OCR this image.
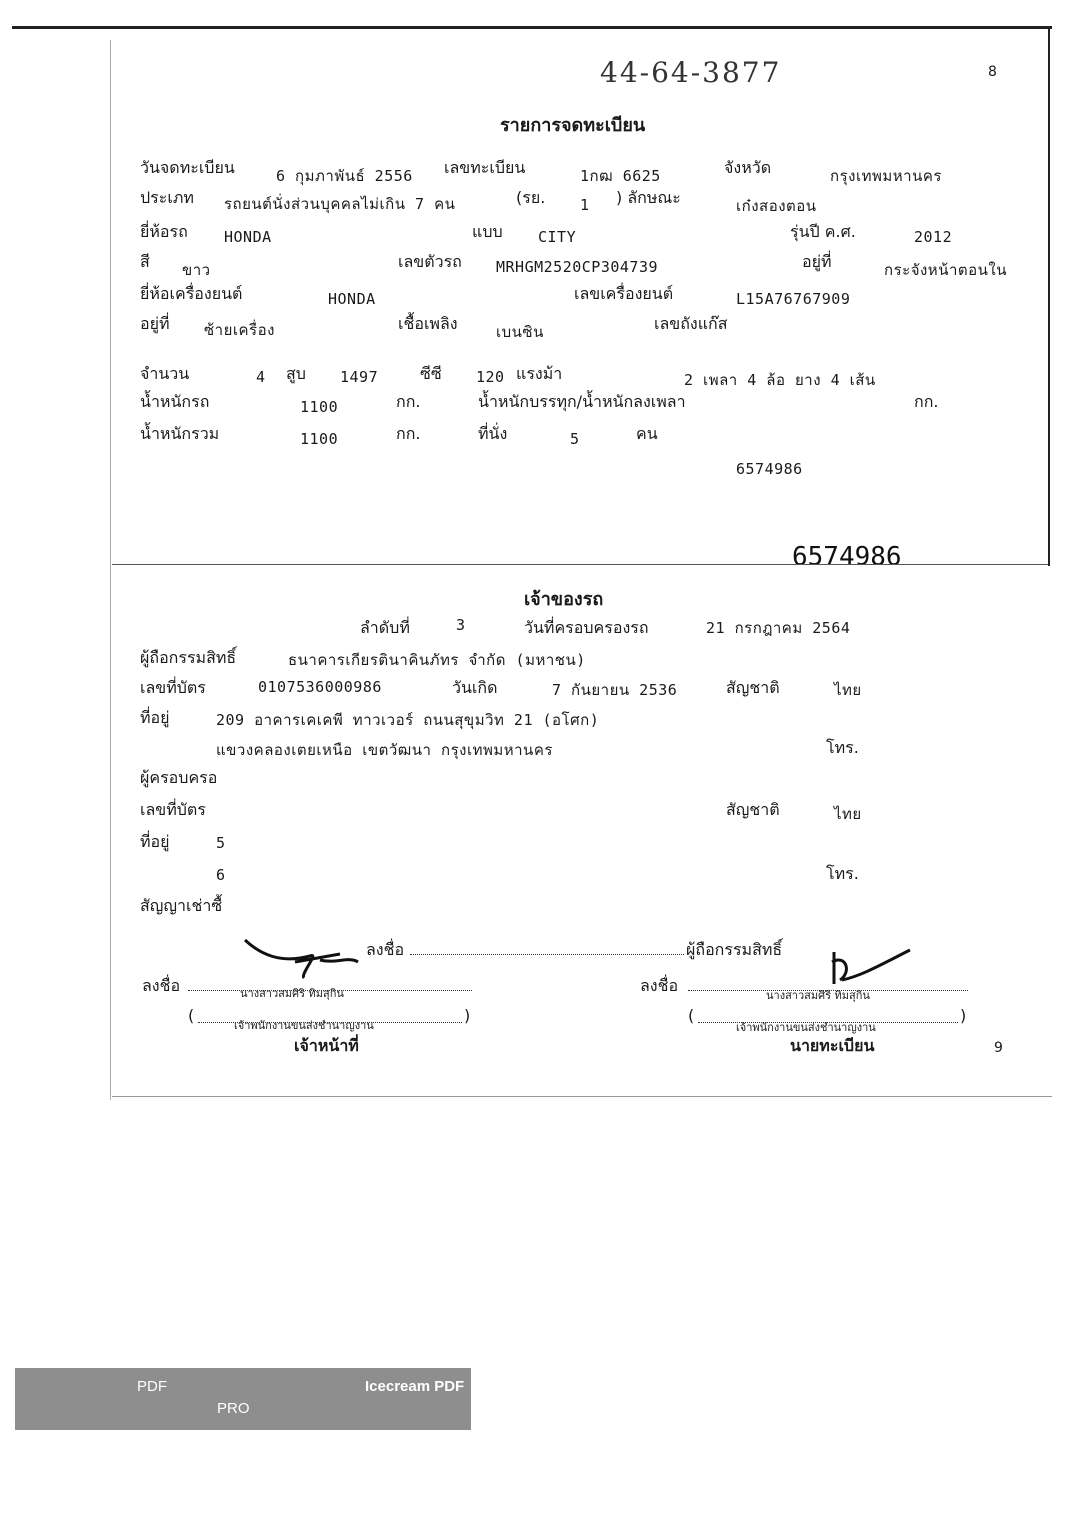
44-64-3877	8
รายการจดทะเบียน
วันจดทะเบียน	6 กุมภาพันธ์ 2556 เลขทะเบียน	1กฒ 6625	จังหวัด	กรุงเทพมหานคร
ประเภท รถยนต์นั่งส่วนบุคคลไม่เกิน 7 คน	(รย. 1 ) ลักษณะ	เก๋งสองตอน
ยี่ห้อรถ HONDA	แบบ CITY	รุ่นปี ค.ศ.	2012
สี ขาว	เลขตัวรถ MRHGM2520CP304739	อยู่ที่	กระจังหน้าตอนใน
ยี่ห้อเครื่องยนต์	HONDA	เลขเครื่องยนต์	L15A76767909
อยู่ที่ ซ้ายเครื่อง	เชื้อเพลิง	เบนซิน	เลขถังแก๊ส
จำนวน	4 สูบ 1497	ซีซี 120 แรงม้า	2 เพลา 4 ล้อ ยาง 4 เส้น
น้ำหนักรถ	1100	กก.	น้ำหนักบรรทุก/น้ำหนักลงเพลา	กก.
น้ำหนักรวม	1100	กก.	ที่นั่ง	5	คน
6574986
6574986
เจ้าของรถ
ลำดับที่	3	วันที่ครอบครองรถ	21 กรกฎาคม 2564
ผู้ถือกรรมสิทธิ์	ธนาคารเกียรตินาคินภัทร จำกัด (มหาชน)
เลขที่บัตร	0107536000986	วันเกิด	7 กันยายน 2536	สัญชาติ	ไทย
ที่อยู่	209 อาคารเคเคพี ทาวเวอร์ ถนนสุขุมวิท 21 (อโศก)
แขวงคลองเตยเหนือ เขตวัฒนา กรุงเทพมหานคร	โทร.
ผู้ครอบครอ
เลขที่บัตร	สัญชาติ	ไทย
ที่อยู่	5
6	โทร.
สัญญาเช่าซื้
ลงชื่อ	ผู้ถือกรรมสิทธิ์
ลงชื่อ	นางสาวสมศิริ ทิมสุกิน
(
เจ้าพนักงานขนส่งชำนาญงาน
)
เจ้าหน้าที่
ลงชื่อ
นางสาวสมศิริ ทิมสุกิน
(
เจ้าพนักงานขนส่งชำนาญงาน
)
นายทะเบียน	9
PDF	Icecream PDF
PRO
